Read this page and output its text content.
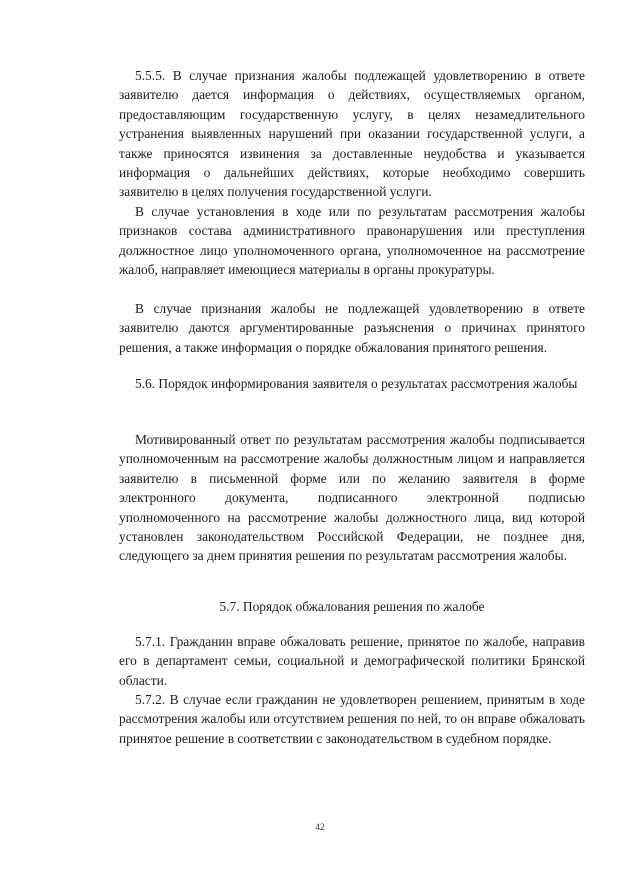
5.5.5. В случае признания жалобы подлежащей удовлетворению в ответе заявителю дается информация о действиях, осуществляемых органом, предоставляющим государственную услугу, в целях незамедлительного устранения выявленных нарушений при оказании государственной услуги, а также приносятся извинения за доставленные неудобства и указывается информация о дальнейших действиях, которые необходимо совершить заявителю в целях получения государственной услуги.

В случае установления в ходе или по результатам рассмотрения жалобы признаков состава административного правонарушения или преступления должностное лицо уполномоченного органа, уполномоченное на рассмотрение жалоб, направляет имеющиеся материалы в органы прокуратуры.

В случае признания жалобы не подлежащей удовлетворению в ответе заявителю даются аргументированные разъяснения о причинах принятого решения, а также информация о порядке обжалования принятого решения.

5.6. Порядок информирования заявителя о результатах рассмотрения жалобы

Мотивированный ответ по результатам рассмотрения жалобы подписывается уполномоченным на рассмотрение жалобы должностным лицом и направляется заявителю в письменной форме или по желанию заявителя в форме электронного документа, подписанного электронной подписью уполномоченного на рассмотрение жалобы должностного лица, вид которой установлен законодательством Российской Федерации, не позднее дня, следующего за днем принятия решения по результатам рассмотрения жалобы.

5.7. Порядок обжалования решения по жалобе

5.7.1. Гражданин вправе обжаловать решение, принятое по жалобе, направив его в департамент семьи, социальной и демографической политики Брянской области.

5.7.2. В случае если гражданин не удовлетворен решением, принятым в ходе рассмотрения жалобы или отсутствием решения по ней, то он вправе обжаловать принятое решение в соответствии с законодательством в судебном порядке.

42
